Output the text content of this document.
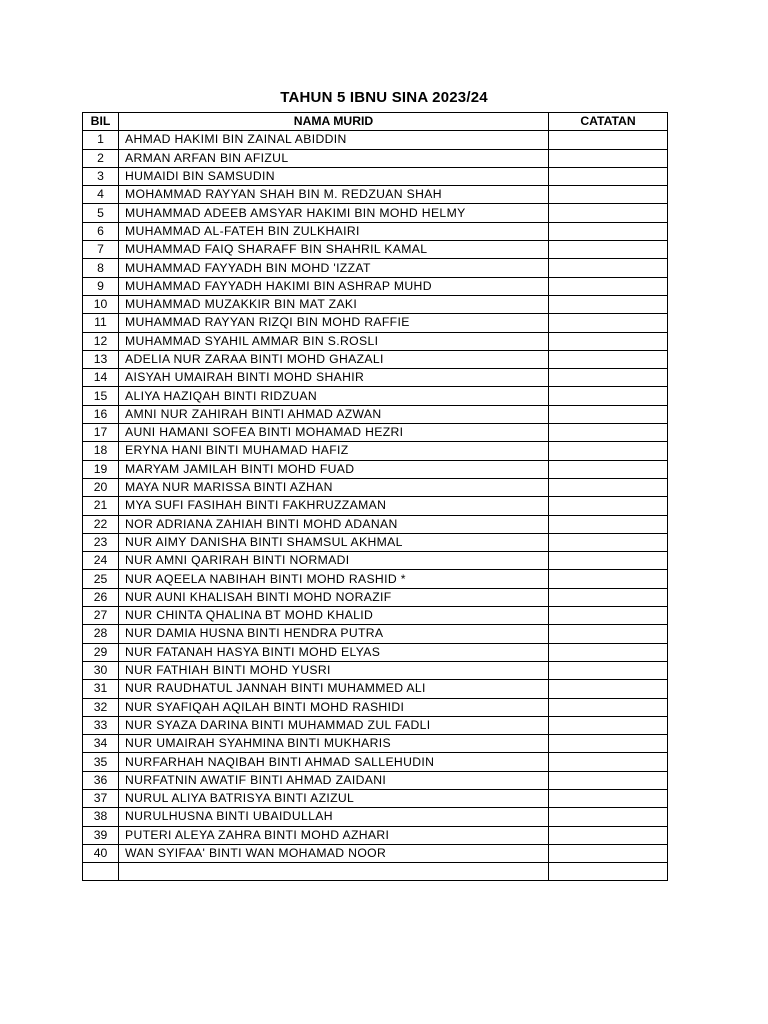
TAHUN 5 IBNU SINA 2023/24
BIL	NAMA MURID	CATATAN
1	AHMAD HAKIMI BIN ZAINAL ABIDDIN	
2	ARMAN ARFAN BIN AFIZUL	
3	HUMAIDI BIN SAMSUDIN	
4	MOHAMMAD RAYYAN SHAH BIN M. REDZUAN SHAH	
5	MUHAMMAD ADEEB AMSYAR HAKIMI BIN MOHD HELMY	
6	MUHAMMAD AL-FATEH BIN ZULKHAIRI	
7	MUHAMMAD FAIQ SHARAFF BIN SHAHRIL KAMAL	
8	MUHAMMAD FAYYADH BIN MOHD 'IZZAT	
9	MUHAMMAD FAYYADH HAKIMI BIN ASHRAP MUHD	
10	MUHAMMAD MUZAKKIR BIN MAT ZAKI	
11	MUHAMMAD RAYYAN RIZQI BIN MOHD RAFFIE	
12	MUHAMMAD SYAHIL AMMAR BIN S.ROSLI	
13	ADELIA NUR ZARAA BINTI MOHD GHAZALI	
14	AISYAH UMAIRAH BINTI MOHD SHAHIR	
15	ALIYA HAZIQAH BINTI RIDZUAN	
16	AMNI NUR ZAHIRAH BINTI AHMAD AZWAN	
17	AUNI HAMANI SOFEA BINTI MOHAMAD HEZRI	
18	ERYNA HANI BINTI MUHAMAD HAFIZ	
19	MARYAM JAMILAH BINTI MOHD FUAD	
20	MAYA NUR MARISSA BINTI AZHAN	
21	MYA SUFI FASIHAH BINTI FAKHRUZZAMAN	
22	NOR ADRIANA ZAHIAH BINTI MOHD ADANAN	
23	NUR AIMY DANISHA BINTI SHAMSUL AKHMAL	
24	NUR AMNI QARIRAH BINTI NORMADI	
25	NUR AQEELA NABIHAH BINTI MOHD RASHID *	
26	NUR AUNI KHALISAH BINTI MOHD NORAZIF	
27	NUR CHINTA QHALINA BT MOHD KHALID	
28	NUR DAMIA HUSNA BINTI HENDRA PUTRA	
29	NUR FATANAH HASYA BINTI MOHD ELYAS	
30	NUR FATHIAH BINTI MOHD YUSRI	
31	NUR RAUDHATUL JANNAH BINTI MUHAMMED ALI	
32	NUR SYAFIQAH AQILAH BINTI MOHD RASHIDI	
33	NUR SYAZA DARINA BINTI MUHAMMAD ZUL FADLI	
34	NUR UMAIRAH SYAHMINA BINTI MUKHARIS	
35	NURFARHAH NAQIBAH BINTI AHMAD SALLEHUDIN	
36	NURFATNIN AWATIF BINTI AHMAD ZAIDANI	
37	NURUL ALIYA BATRISYA BINTI AZIZUL	
38	NURULHUSNA BINTI UBAIDULLAH	
39	PUTERI ALEYA ZAHRA BINTI MOHD AZHARI	
40	WAN SYIFAA' BINTI WAN MOHAMAD NOOR	
